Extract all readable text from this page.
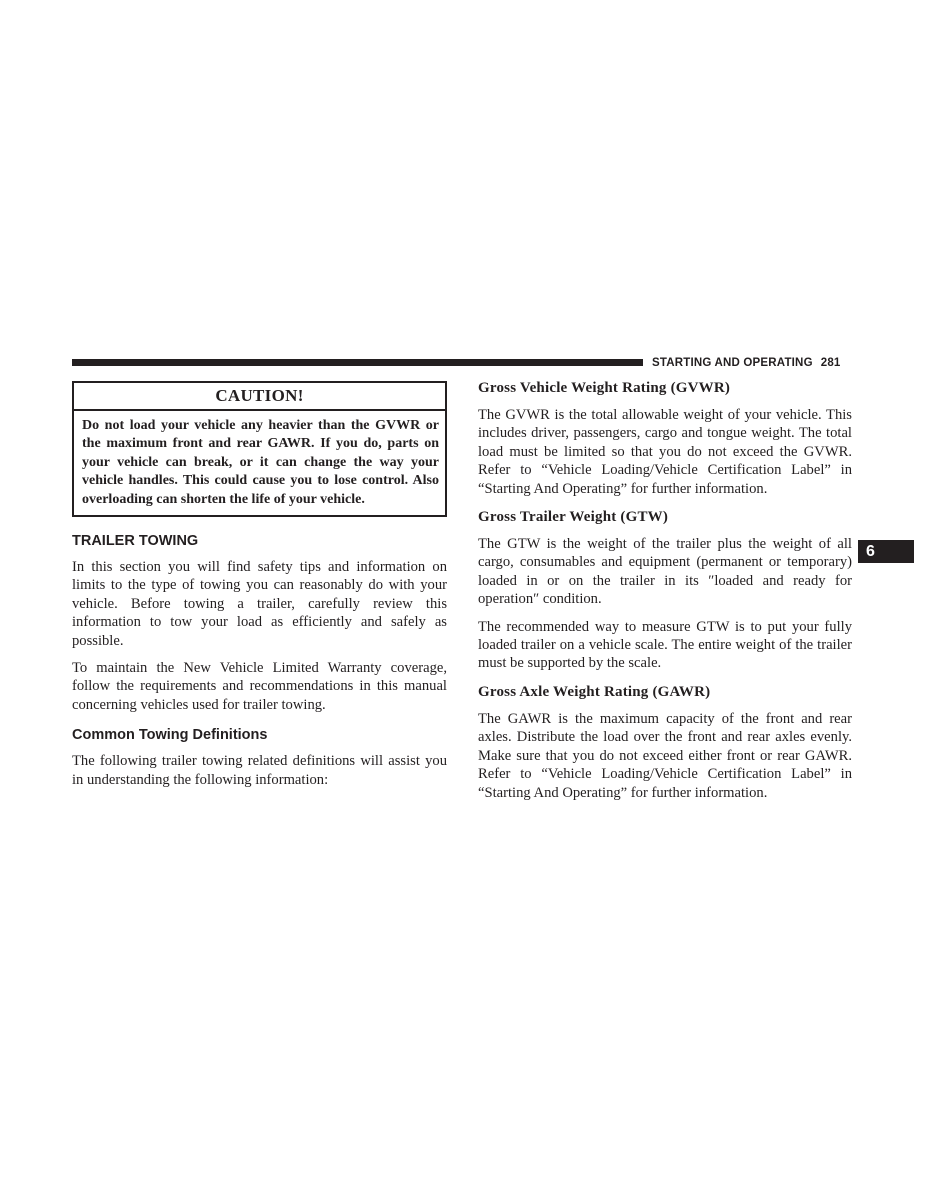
STARTING AND OPERATING 281
6
CAUTION!
Do not load your vehicle any heavier than the GVWR or the maximum front and rear GAWR. If you do, parts on your vehicle can break, or it can change the way your vehicle handles. This could cause you to lose control. Also overloading can shorten the life of your vehicle.
TRAILER TOWING

In this section you will find safety tips and information on limits to the type of towing you can reasonably do with your vehicle. Before towing a trailer, carefully review this information to tow your load as efficiently and safely as possible.

To maintain the New Vehicle Limited Warranty coverage, follow the requirements and recommendations in this manual concerning vehicles used for trailer towing.

Common Towing Definitions

The following trailer towing related definitions will assist you in understanding the following information:

Gross Vehicle Weight Rating (GVWR)

The GVWR is the total allowable weight of your vehicle. This includes driver, passengers, cargo and tongue weight. The total load must be limited so that you do not exceed the GVWR. Refer to “Vehicle Loading/Vehicle Certification Label” in “Starting And Operating” for further information.

Gross Trailer Weight (GTW)

The GTW is the weight of the trailer plus the weight of all cargo, consumables and equipment (permanent or temporary) loaded in or on the trailer in its ″loaded and ready for operation″ condition.

The recommended way to measure GTW is to put your fully loaded trailer on a vehicle scale. The entire weight of the trailer must be supported by the scale.

Gross Axle Weight Rating (GAWR)

The GAWR is the maximum capacity of the front and rear axles. Distribute the load over the front and rear axles evenly. Make sure that you do not exceed either front or rear GAWR. Refer to “Vehicle Loading/Vehicle Certification Label” in “Starting And Operating” for further information.
